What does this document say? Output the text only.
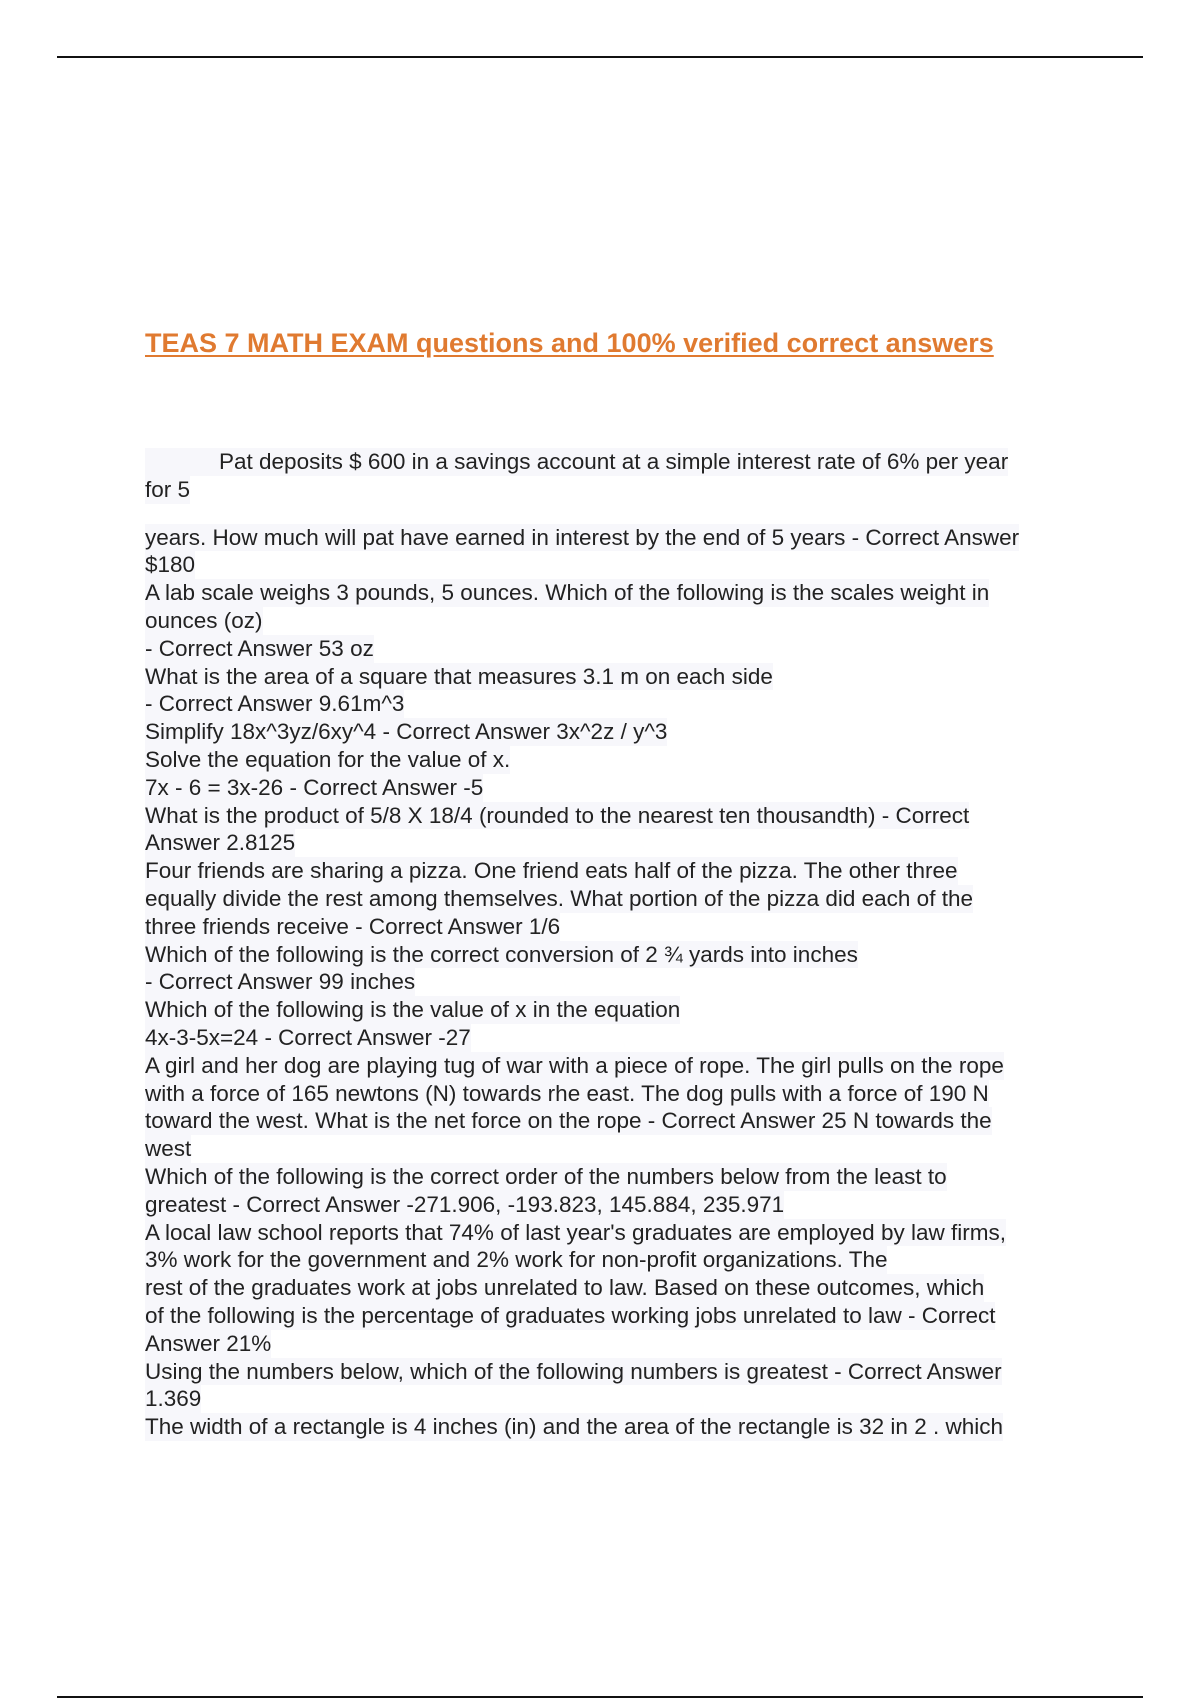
TEAS 7 MATH EXAM questions and 100% verified correct answers
Pat deposits $ 600 in a savings account at a simple interest rate of 6% per year
for 5
years. How much will pat have earned in interest by the end of 5 years - Correct Answer
$180
A lab scale weighs 3 pounds, 5 ounces. Which of the following is the scales weight in
ounces (oz)
- Correct Answer 53 oz
What is the area of a square that measures 3.1 m on each side
- Correct Answer 9.61m^3
Simplify 18x^3yz/6xy^4 - Correct Answer 3x^2z / y^3
Solve the equation for the value of x.
7x - 6 = 3x-26 - Correct Answer -5
What is the product of 5/8 X 18/4 (rounded to the nearest ten thousandth) - Correct
Answer 2.8125
Four friends are sharing a pizza. One friend eats half of the pizza. The other three
equally divide the rest among themselves. What portion of the pizza did each of the
three friends receive - Correct Answer 1/6
Which of the following is the correct conversion of 2 ¾ yards into inches
- Correct Answer 99 inches
Which of the following is the value of x in the equation
4x-3-5x=24 - Correct Answer -27
A girl and her dog are playing tug of war with a piece of rope. The girl pulls on the rope
with a force of 165 newtons (N) towards rhe east. The dog pulls with a force of 190 N
toward the west. What is the net force on the rope - Correct Answer 25 N towards the
west
Which of the following is the correct order of the numbers below from the least to
greatest - Correct Answer -271.906, -193.823, 145.884, 235.971
A local law school reports that 74% of last year's graduates are employed by law firms,
3% work for the government and 2% work for non-profit organizations. The
rest of the graduates work at jobs unrelated to law. Based on these outcomes, which
of the following is the percentage of graduates working jobs unrelated to law - Correct
Answer 21%
Using the numbers below, which of the following numbers is greatest - Correct Answer
1.369
The width of a rectangle is 4 inches (in) and the area of the rectangle is 32 in 2 . which
